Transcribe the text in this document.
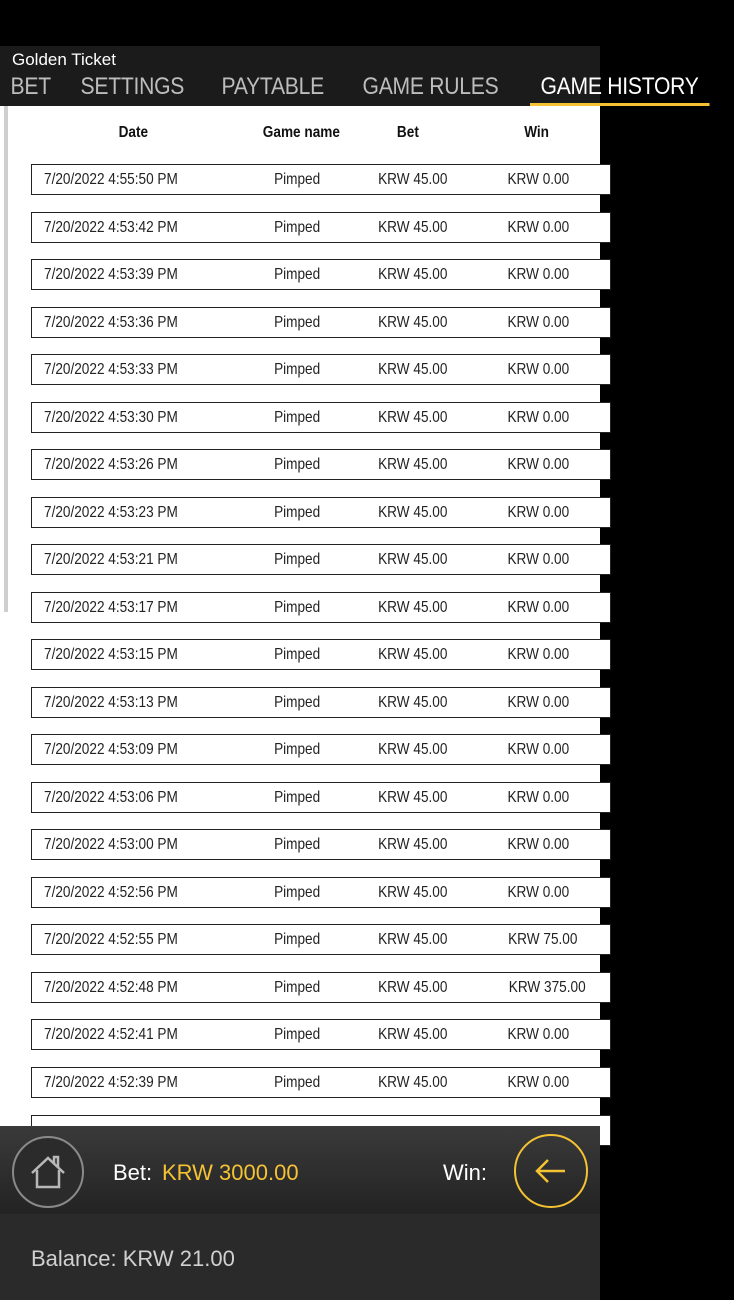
Golden Ticket
BET	SETTINGS	PAYTABLE	GAME RULES	GAME HISTORY
Date	Game name	Bet	Win
7/20/2022 4:55:50 PM	Pimped	KRW 45.00	KRW 0.00
7/20/2022 4:53:42 PM	Pimped	KRW 45.00	KRW 0.00
7/20/2022 4:53:39 PM	Pimped	KRW 45.00	KRW 0.00
7/20/2022 4:53:36 PM	Pimped	KRW 45.00	KRW 0.00
7/20/2022 4:53:33 PM	Pimped	KRW 45.00	KRW 0.00
7/20/2022 4:53:30 PM	Pimped	KRW 45.00	KRW 0.00
7/20/2022 4:53:26 PM	Pimped	KRW 45.00	KRW 0.00
7/20/2022 4:53:23 PM	Pimped	KRW 45.00	KRW 0.00
7/20/2022 4:53:21 PM	Pimped	KRW 45.00	KRW 0.00
7/20/2022 4:53:17 PM	Pimped	KRW 45.00	KRW 0.00
7/20/2022 4:53:15 PM	Pimped	KRW 45.00	KRW 0.00
7/20/2022 4:53:13 PM	Pimped	KRW 45.00	KRW 0.00
7/20/2022 4:53:09 PM	Pimped	KRW 45.00	KRW 0.00
7/20/2022 4:53:06 PM	Pimped	KRW 45.00	KRW 0.00
7/20/2022 4:53:00 PM	Pimped	KRW 45.00	KRW 0.00
7/20/2022 4:52:56 PM	Pimped	KRW 45.00	KRW 0.00
7/20/2022 4:52:55 PM	Pimped	KRW 45.00	KRW 75.00
7/20/2022 4:52:48 PM	Pimped	KRW 45.00	KRW 375.00
7/20/2022 4:52:41 PM	Pimped	KRW 45.00	KRW 0.00
7/20/2022 4:52:39 PM	Pimped	KRW 45.00	KRW 0.00
Bet: KRW 3000.00	Win:
Balance: KRW 21.00
